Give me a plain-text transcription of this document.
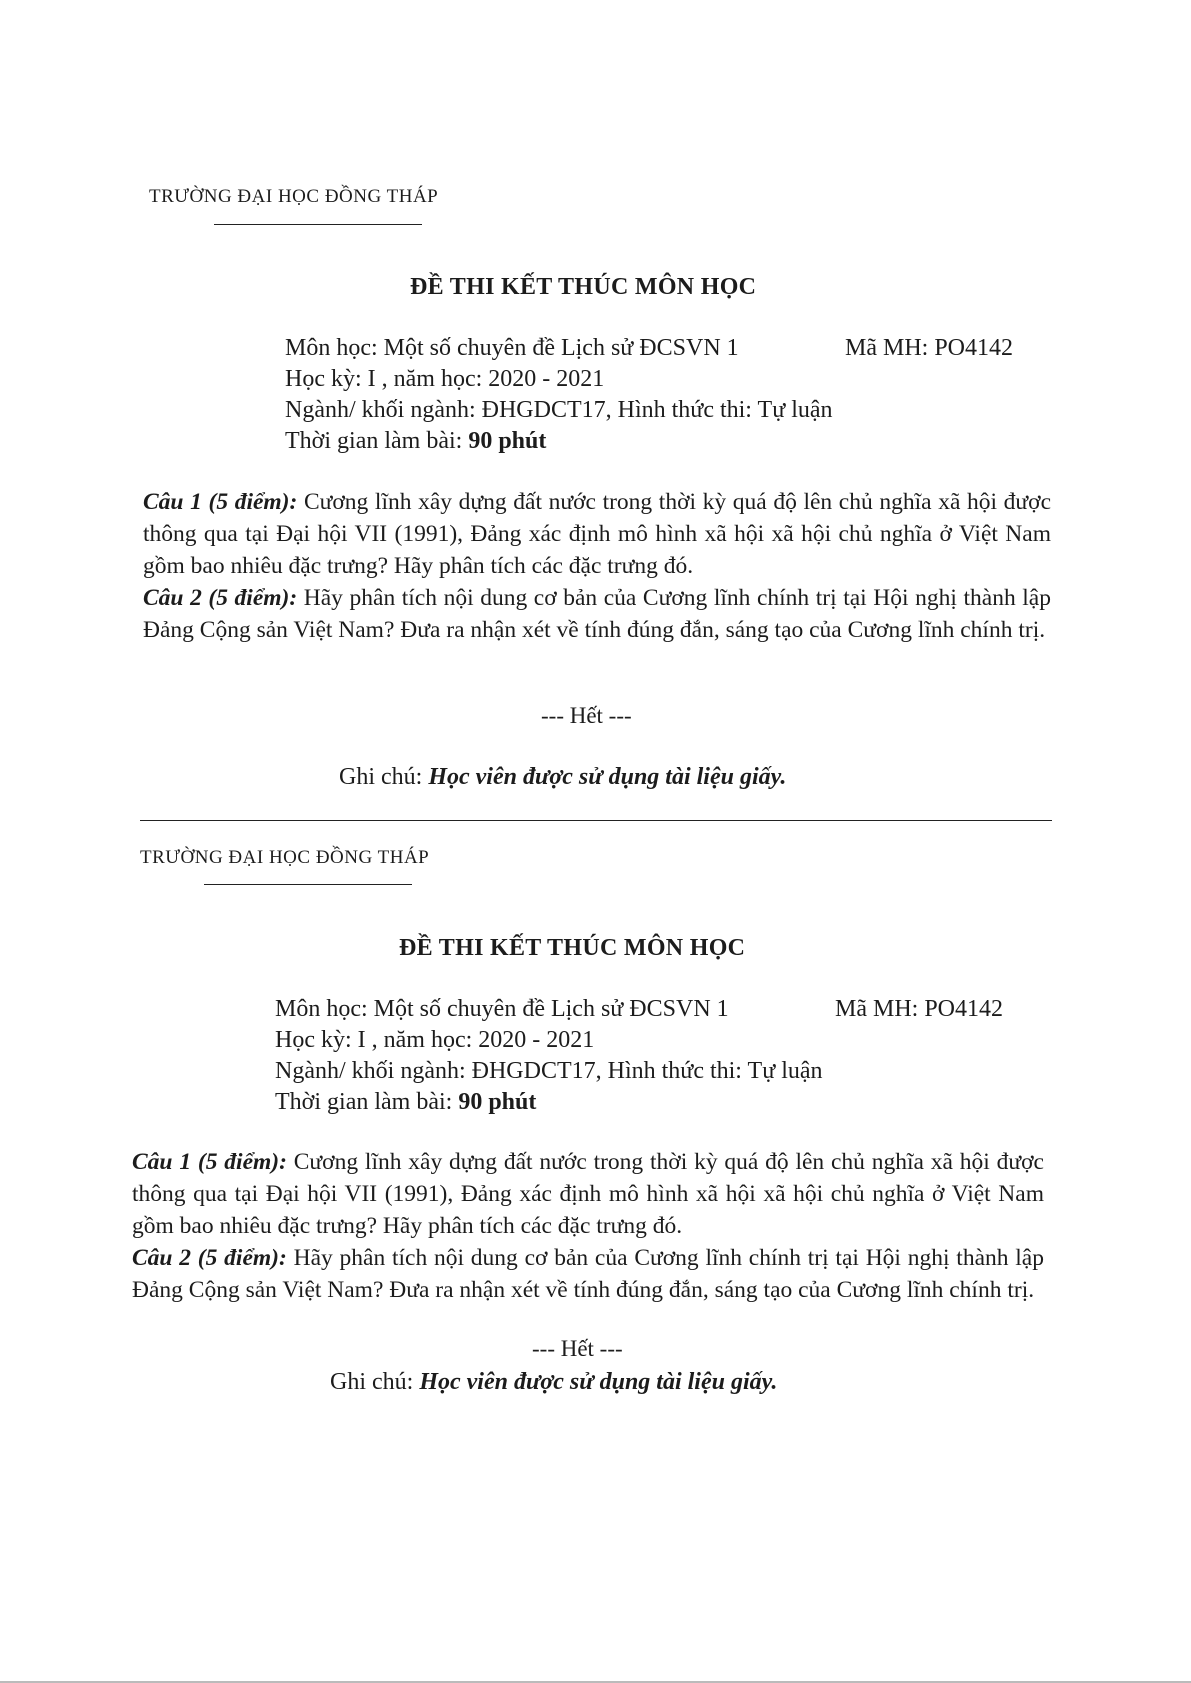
TRƯỜNG ĐẠI HỌC ĐỒNG THÁP
ĐỀ THI KẾT THÚC MÔN HỌC
Môn học: Một số chuyên đề Lịch sử ĐCSVN 1	Mã MH: PO4142
Học kỳ: I , năm học: 2020 - 2021
Ngành/ khối ngành: ĐHGDCT17, Hình thức thi: Tự luận
Thời gian làm bài: 90 phút

Câu 1 (5 điểm): Cương lĩnh xây dựng đất nước trong thời kỳ quá độ lên chủ nghĩa xã hội được thông qua tại Đại hội VII (1991), Đảng xác định mô hình xã hội xã hội chủ nghĩa ở Việt Nam gồm bao nhiêu đặc trưng? Hãy phân tích các đặc trưng đó.

Câu 2 (5 điểm): Hãy phân tích nội dung cơ bản của Cương lĩnh chính trị tại Hội nghị thành lập Đảng Cộng sản Việt Nam? Đưa ra nhận xét về tính đúng đắn, sáng tạo của Cương lĩnh chính trị.

--- Hết ---
Ghi chú: Học viên được sử dụng tài liệu giấy.
TRƯỜNG ĐẠI HỌC ĐỒNG THÁP
ĐỀ THI KẾT THÚC MÔN HỌC
Môn học: Một số chuyên đề Lịch sử ĐCSVN 1	Mã MH: PO4142
Học kỳ: I , năm học: 2020 - 2021
Ngành/ khối ngành: ĐHGDCT17, Hình thức thi: Tự luận
Thời gian làm bài: 90 phút

Câu 1 (5 điểm): Cương lĩnh xây dựng đất nước trong thời kỳ quá độ lên chủ nghĩa xã hội được thông qua tại Đại hội VII (1991), Đảng xác định mô hình xã hội xã hội chủ nghĩa ở Việt Nam gồm bao nhiêu đặc trưng? Hãy phân tích các đặc trưng đó.

Câu 2 (5 điểm): Hãy phân tích nội dung cơ bản của Cương lĩnh chính trị tại Hội nghị thành lập Đảng Cộng sản Việt Nam? Đưa ra nhận xét về tính đúng đắn, sáng tạo của Cương lĩnh chính trị.

--- Hết ---
Ghi chú: Học viên được sử dụng tài liệu giấy.
